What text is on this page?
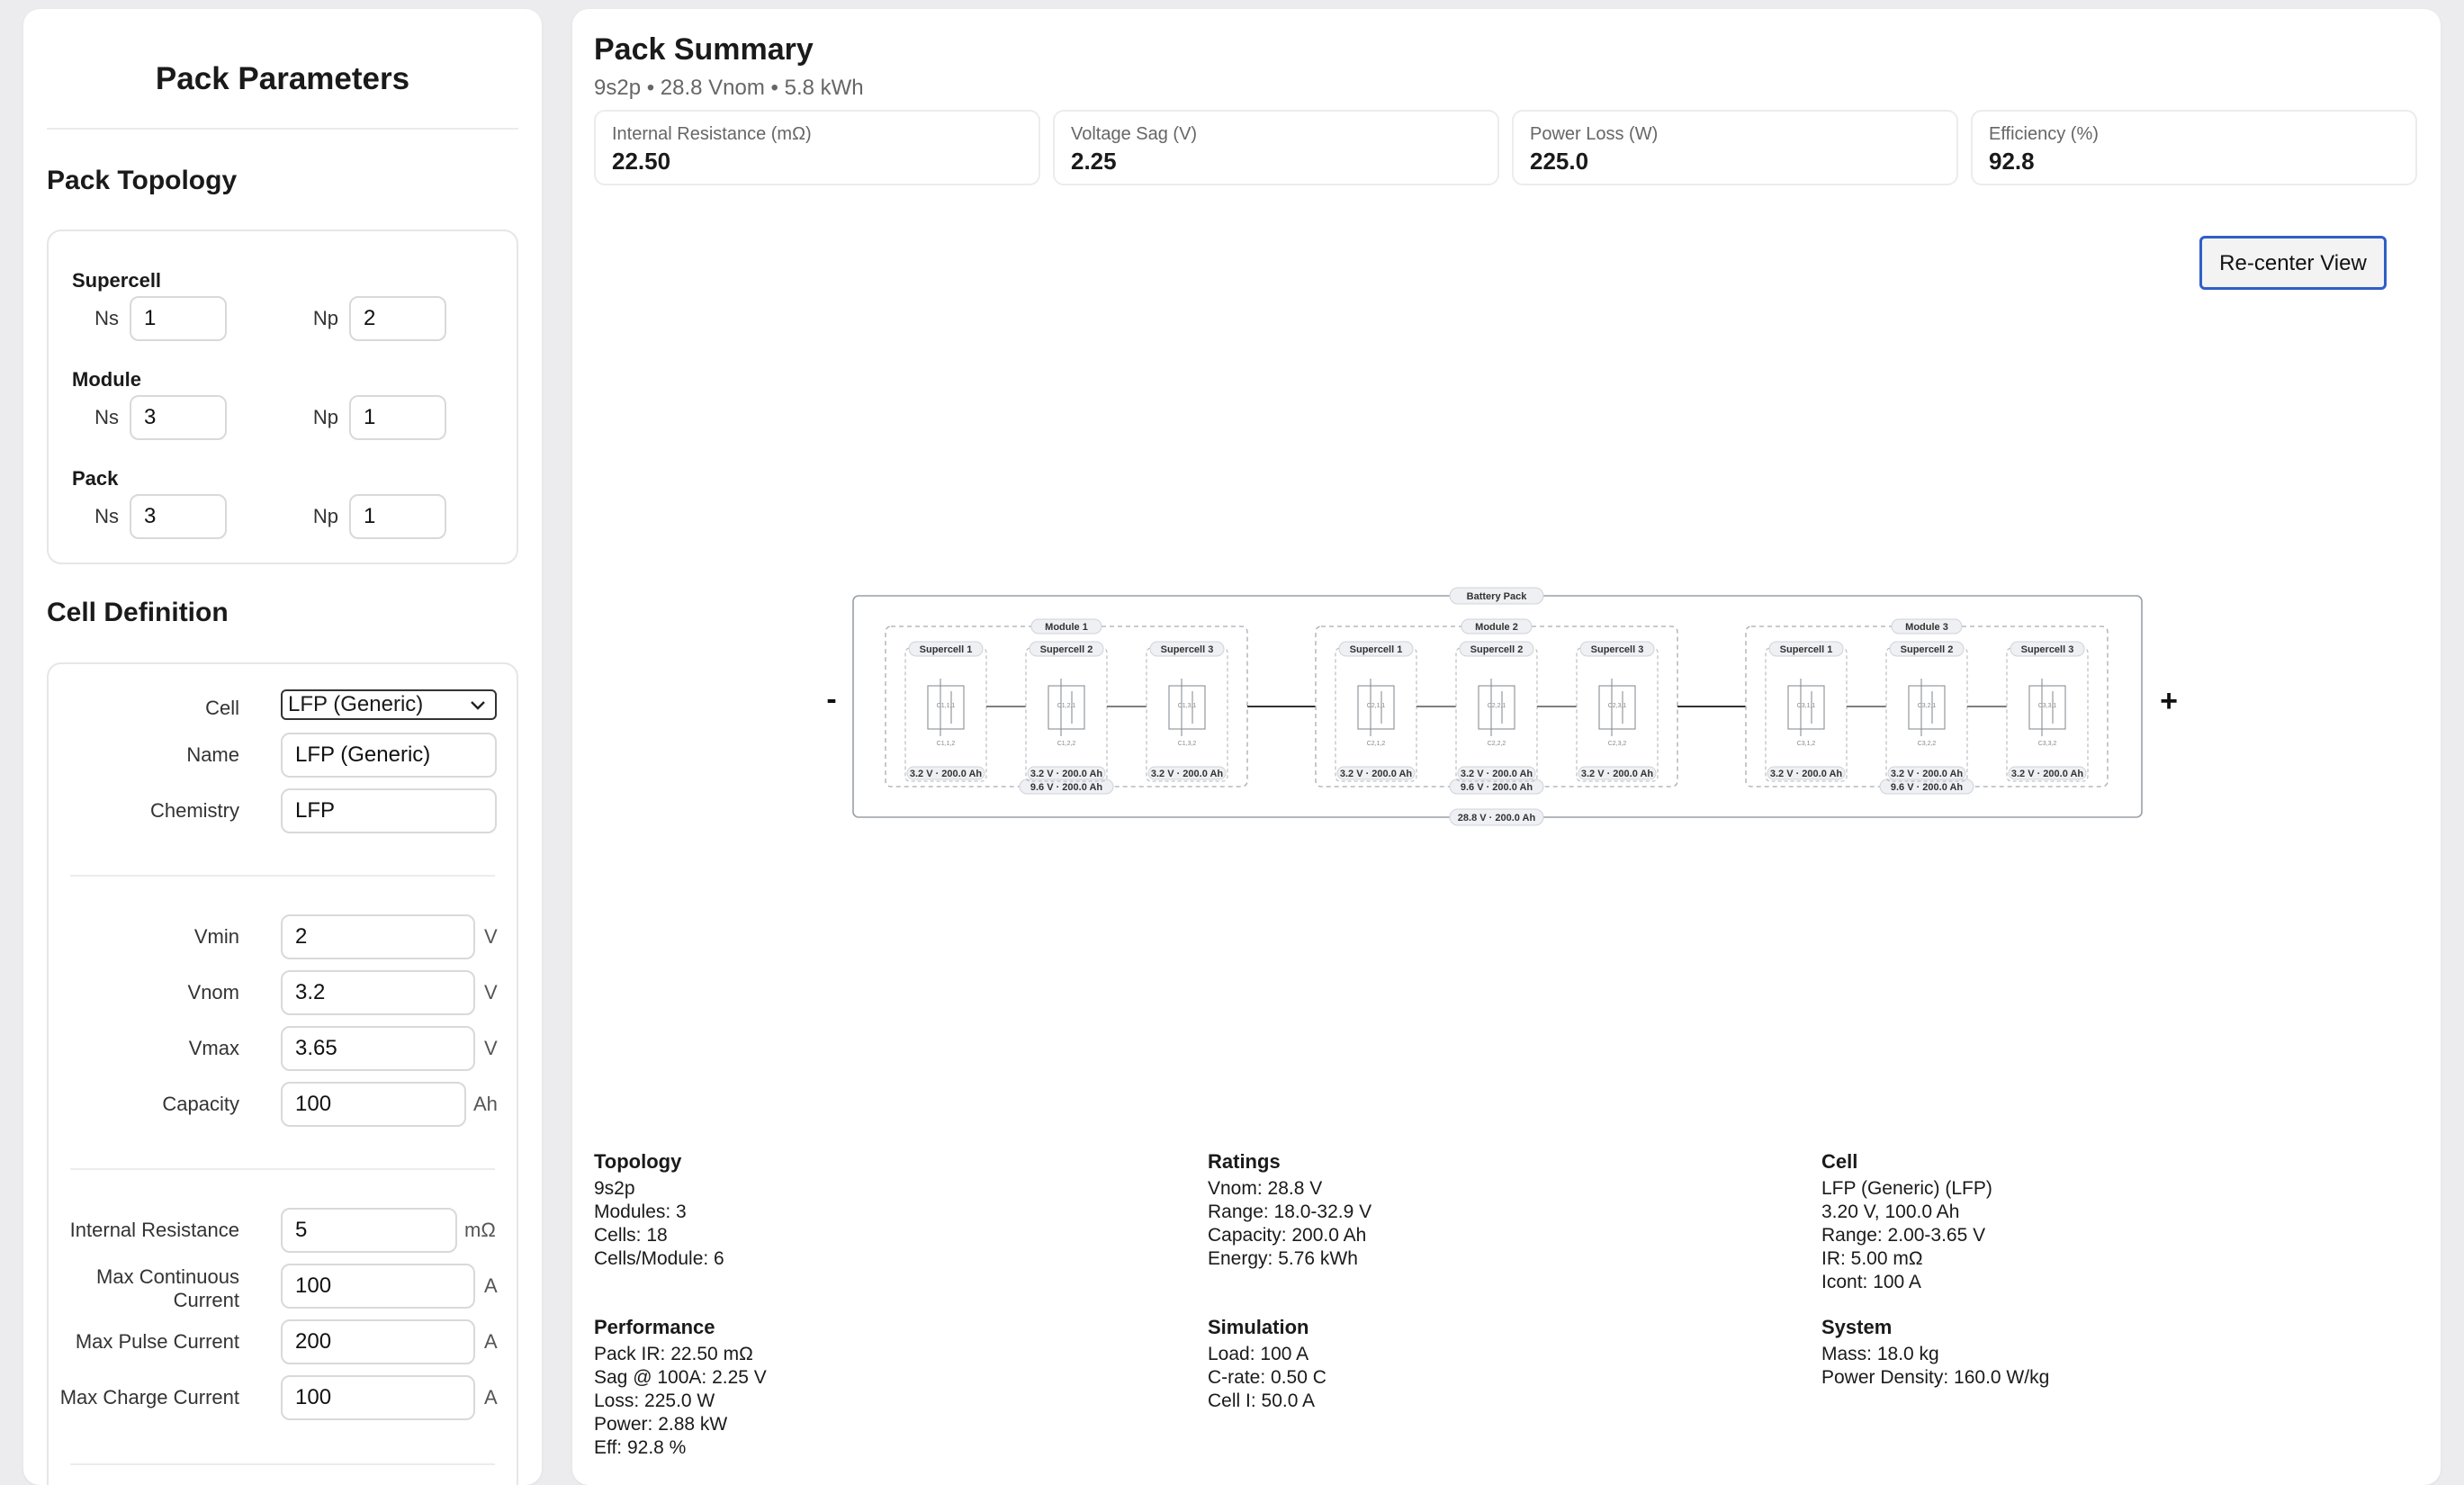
Pack Parameters
Pack Topology
Supercell
Ns	1	Np	2
Module
Ns	3	Np	1
Pack
Ns	3	Np	1
Cell Definition
Cell	LFP (Generic)
Name	LFP (Generic)
Chemistry	LFP
Vmin	2	V
Vnom	3.2	V
Vmax	3.65	V
Capacity	100	Ah
Internal Resistance	5	mΩ
Max Continuous
Current
100	A
Max Pulse Current	200	A
Max Charge Current	100	A
Pack Summary
9s2p • 28.8 Vnom • 5.8 kWh
Internal Resistance (mΩ)
22.50
Voltage Sag (V)
2.25
Power Loss (W)
225.0
Efficiency (%)
92.8
Re-center View
Battery Pack
28.8 V · 200.0 Ah
-	+
Module 1
9.6 V · 200.0 Ah
Supercell 1
3.2 V · 200.0 Ah
C1,1,1
C1,1,2
Supercell 2
3.2 V · 200.0 Ah
C1,2,1
C1,2,2
Supercell 3
3.2 V · 200.0 Ah
C1,3,1
C1,3,2
Module 2
9.6 V · 200.0 Ah
Supercell 1
3.2 V · 200.0 Ah
C2,1,1
C2,1,2
Supercell 2
3.2 V · 200.0 Ah
C2,2,1
C2,2,2
Supercell 3
3.2 V · 200.0 Ah
C2,3,1
C2,3,2
Module 3
9.6 V · 200.0 Ah
Supercell 1
3.2 V · 200.0 Ah
C3,1,1
C3,1,2
Supercell 2
3.2 V · 200.0 Ah
C3,2,1
C3,2,2
Supercell 3
3.2 V · 200.0 Ah
C3,3,1
C3,3,2
Topology
9s2p
Modules: 3
Cells: 18
Cells/Module: 6
Ratings
Vnom: 28.8 V
Range: 18.0-32.9 V
Capacity: 200.0 Ah
Energy: 5.76 kWh
Cell
LFP (Generic) (LFP)
3.20 V, 100.0 Ah
Range: 2.00-3.65 V
IR: 5.00 mΩ
Icont: 100 A
Performance
Pack IR: 22.50 mΩ
Sag @ 100A: 2.25 V
Loss: 225.0 W
Power: 2.88 kW
Eff: 92.8 %
Simulation
Load: 100 A
C-rate: 0.50 C
Cell I: 50.0 A
System
Mass: 18.0 kg
Power Density: 160.0 W/kg
